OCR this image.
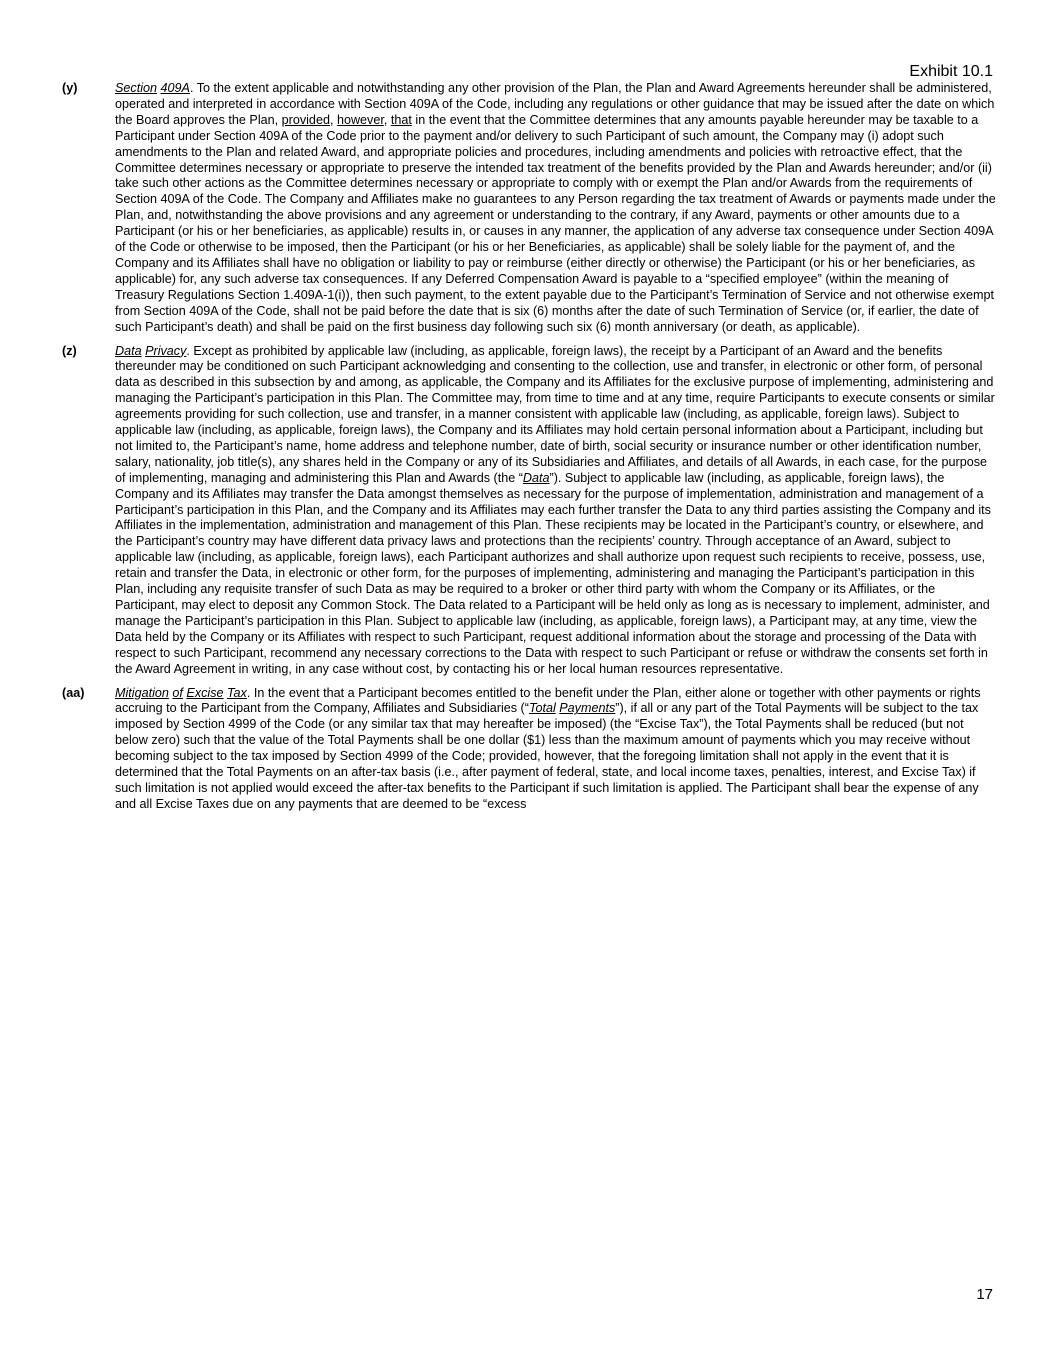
Exhibit 10.1
(y)	Section 409A. To the extent applicable and notwithstanding any other provision of the Plan, the Plan and Award Agreements hereunder shall be administered, operated and interpreted in accordance with Section 409A of the Code, including any regulations or other guidance that may be issued after the date on which the Board approves the Plan, provided, however, that in the event that the Committee determines that any amounts payable hereunder may be taxable to a Participant under Section 409A of the Code prior to the payment and/or delivery to such Participant of such amount, the Company may (i) adopt such amendments to the Plan and related Award, and appropriate policies and procedures, including amendments and policies with retroactive effect, that the Committee determines necessary or appropriate to preserve the intended tax treatment of the benefits provided by the Plan and Awards hereunder; and/or (ii) take such other actions as the Committee determines necessary or appropriate to comply with or exempt the Plan and/or Awards from the requirements of Section 409A of the Code. The Company and Affiliates make no guarantees to any Person regarding the tax treatment of Awards or payments made under the Plan, and, notwithstanding the above provisions and any agreement or understanding to the contrary, if any Award, payments or other amounts due to a Participant (or his or her beneficiaries, as applicable) results in, or causes in any manner, the application of any adverse tax consequence under Section 409A of the Code or otherwise to be imposed, then the Participant (or his or her Beneficiaries, as applicable) shall be solely liable for the payment of, and the Company and its Affiliates shall have no obligation or liability to pay or reimburse (either directly or otherwise) the Participant (or his or her beneficiaries, as applicable) for, any such adverse tax consequences. If any Deferred Compensation Award is payable to a “specified employee” (within the meaning of Treasury Regulations Section 1.409A-1(i)), then such payment, to the extent payable due to the Participant’s Termination of Service and not otherwise exempt from Section 409A of the Code, shall not be paid before the date that is six (6) months after the date of such Termination of Service (or, if earlier, the date of such Participant’s death) and shall be paid on the first business day following such six (6) month anniversary (or death, as applicable).
(z)	Data Privacy. Except as prohibited by applicable law (including, as applicable, foreign laws), the receipt by a Participant of an Award and the benefits thereunder may be conditioned on such Participant acknowledging and consenting to the collection, use and transfer, in electronic or other form, of personal data as described in this subsection by and among, as applicable, the Company and its Affiliates for the exclusive purpose of implementing, administering and managing the Participant’s participation in this Plan. The Committee may, from time to time and at any time, require Participants to execute consents or similar agreements providing for such collection, use and transfer, in a manner consistent with applicable law (including, as applicable, foreign laws). Subject to applicable law (including, as applicable, foreign laws), the Company and its Affiliates may hold certain personal information about a Participant, including but not limited to, the Participant’s name, home address and telephone number, date of birth, social security or insurance number or other identification number, salary, nationality, job title(s), any shares held in the Company or any of its Subsidiaries and Affiliates, and details of all Awards, in each case, for the purpose of implementing, managing and administering this Plan and Awards (the “Data”). Subject to applicable law (including, as applicable, foreign laws), the Company and its Affiliates may transfer the Data amongst themselves as necessary for the purpose of implementation, administration and management of a Participant’s participation in this Plan, and the Company and its Affiliates may each further transfer the Data to any third parties assisting the Company and its Affiliates in the implementation, administration and management of this Plan. These recipients may be located in the Participant’s country, or elsewhere, and the Participant’s country may have different data privacy laws and protections than the recipients’ country. Through acceptance of an Award, subject to applicable law (including, as applicable, foreign laws), each Participant authorizes and shall authorize upon request such recipients to receive, possess, use, retain and transfer the Data, in electronic or other form, for the purposes of implementing, administering and managing the Participant’s participation in this Plan, including any requisite transfer of such Data as may be required to a broker or other third party with whom the Company or its Affiliates, or the Participant, may elect to deposit any Common Stock. The Data related to a Participant will be held only as long as is necessary to implement, administer, and manage the Participant’s participation in this Plan. Subject to applicable law (including, as applicable, foreign laws), a Participant may, at any time, view the Data held by the Company or its Affiliates with respect to such Participant, request additional information about the storage and processing of the Data with respect to such Participant, recommend any necessary corrections to the Data with respect to such Participant or refuse or withdraw the consents set forth in the Award Agreement in writing, in any case without cost, by contacting his or her local human resources representative.
(aa) Mitigation of Excise Tax. In the event that a Participant becomes entitled to the benefit under the Plan, either alone or together with other payments or rights accruing to the Participant from the Company, Affiliates and Subsidiaries (“Total Payments”), if all or any part of the Total Payments will be subject to the tax imposed by Section 4999 of the Code (or any similar tax that may hereafter be imposed) (the “Excise Tax”), the Total Payments shall be reduced (but not below zero) such that the value of the Total Payments shall be one dollar ($1) less than the maximum amount of payments which you may receive without becoming subject to the tax imposed by Section 4999 of the Code; provided, however, that the foregoing limitation shall not apply in the event that it is determined that the Total Payments on an after-tax basis (i.e., after payment of federal, state, and local income taxes, penalties, interest, and Excise Tax) if such limitation is not applied would exceed the after-tax benefits to the Participant if such limitation is applied. The Participant shall bear the expense of any and all Excise Taxes due on any payments that are deemed to be “excess
17
